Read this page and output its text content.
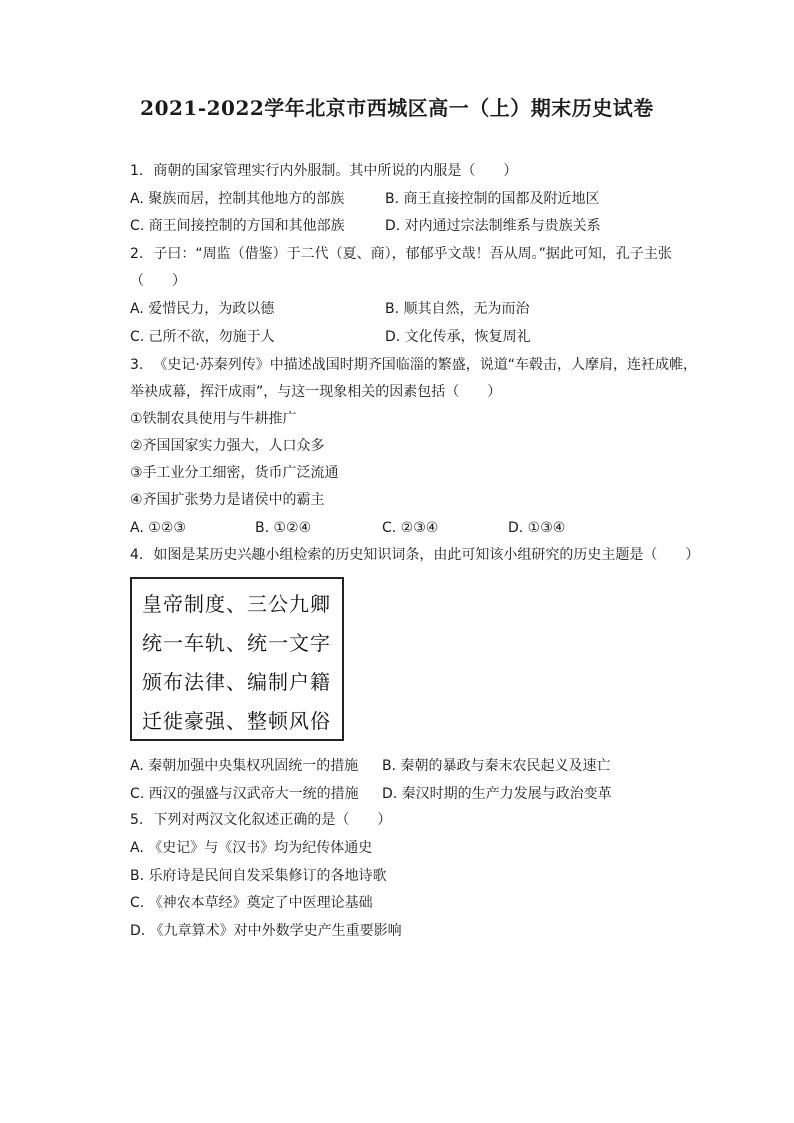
2021-2022学年北京市西城区高一（上）期末历史试卷
1. 商朝的国家管理实行内外服制。其中所说的内服是（　　）
A. 聚族而居，控制其他地方的部族	B. 商王直接控制的国都及附近地区
C. 商王间接控制的方国和其他部族	D. 对内通过宗法制维系与贵族关系
2. 子曰：“周监（借鉴）于二代（夏、商），郁郁乎文哉！吾从周。”据此可知，孔子主张
（　　）
A. 爱惜民力，为政以德	B. 顺其自然，无为而治
C. 己所不欲，勿施于人	D. 文化传承，恢复周礼
3. 《史记·苏秦列传》中描述战国时期齐国临淄的繁盛，说道“车毂击，人摩肩，连衽成帷，
举袂成幕，挥汗成雨”，与这一现象相关的因素包括（　　）
①铁制农具使用与牛耕推广
②齐国国家实力强大，人口众多
③手工业分工细密，货币广泛流通
④齐国扩张势力是诸侯中的霸主
A. ①②③	B. ①②④	C. ②③④	D. ①③④
4. 如图是某历史兴趣小组检索的历史知识词条，由此可知该小组研究的历史主题是（　　）
皇帝制度、三公九卿
统一车轨、统一文字
颁布法律、编制户籍
迁徙豪强、整顿风俗
A. 秦朝加强中央集权巩固统一的措施 B. 秦朝的暴政与秦末农民起义及速亡
C. 西汉的强盛与汉武帝大一统的措施 D. 秦汉时期的生产力发展与政治变革
5. 下列对两汉文化叙述正确的是（　　）
A. 《史记》与《汉书》均为纪传体通史
B. 乐府诗是民间自发采集修订的各地诗歌
C. 《神农本草经》奠定了中医理论基础
D. 《九章算术》对中外数学史产生重要影响
